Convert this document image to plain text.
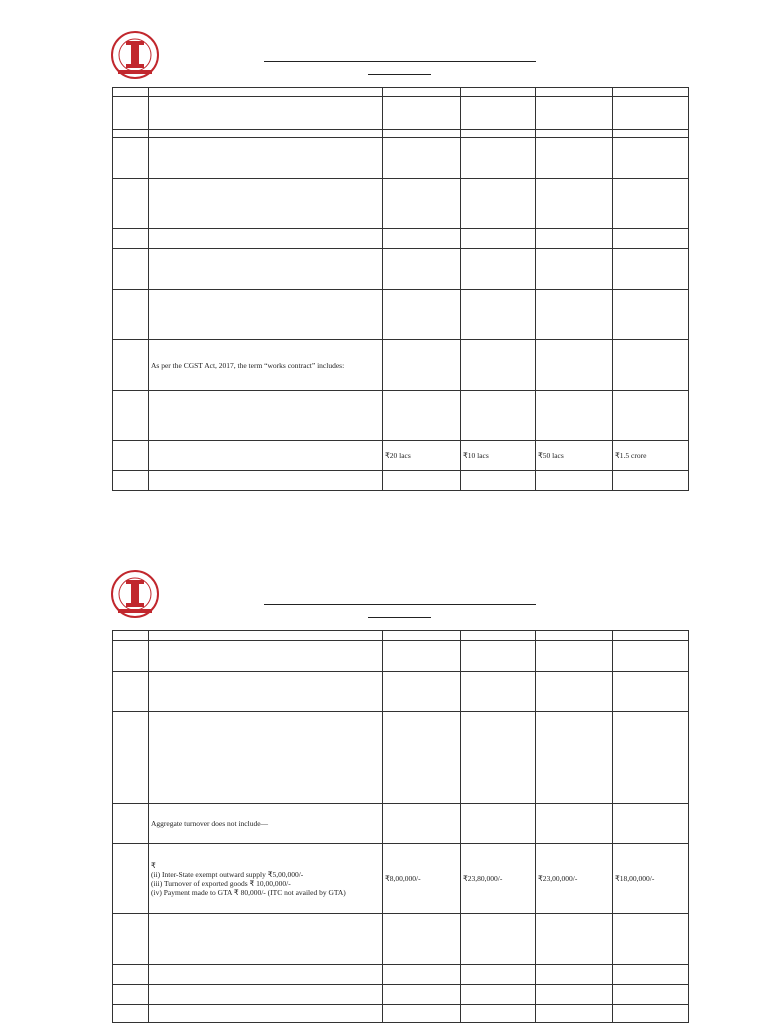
	As per the CGST Act, 2017, the term “works contract” includes:				

		₹20 lacs	₹10 lacs	₹50 lacs	₹1.5 crore

	Aggregate turnover does not include—				
	₹
(ii) Inter-State exempt outward supply ₹5,00,000/-
(iii) Turnover of exported goods ₹ 10,00,000/-
(iv) Payment made to GTA ₹ 80,000/- (ITC not availed by GTA)	₹8,00,000/-	₹23,80,000/-	₹23,00,000/-	₹18,00,000/-
